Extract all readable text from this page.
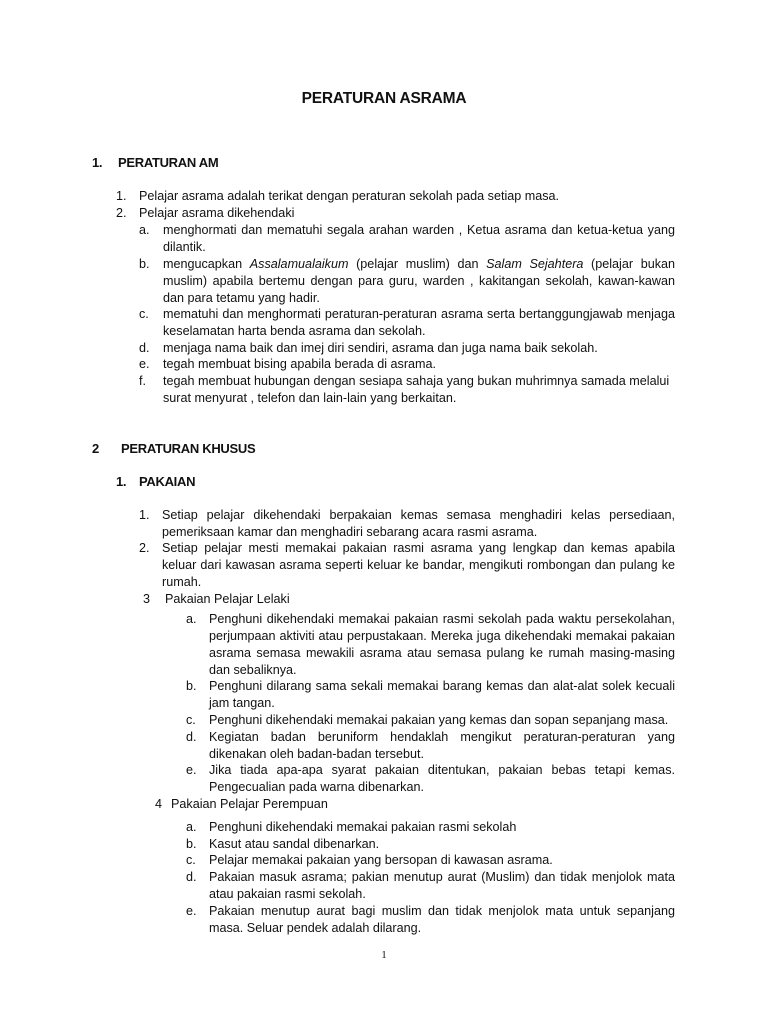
PERATURAN ASRAMA
1. PERATURAN AM
1. Pelajar asrama adalah terikat dengan peraturan sekolah pada setiap masa.
2. Pelajar asrama dikehendaki
a. menghormati dan mematuhi segala arahan warden , Ketua asrama dan ketua-ketua yang dilantik.
b. mengucapkan Assalamualaikum (pelajar muslim) dan Salam Sejahtera (pelajar bukan muslim) apabila bertemu dengan para guru, warden , kakitangan sekolah, kawan-kawan dan para tetamu yang hadir.
c. mematuhi dan menghormati peraturan-peraturan asrama serta bertanggungjawab menjaga keselamatan harta benda asrama dan sekolah.
d. menjaga nama baik dan imej diri sendiri, asrama dan juga nama baik sekolah.
e. tegah membuat bising apabila berada di asrama.
f. tegah membuat hubungan dengan sesiapa sahaja yang bukan muhrimnya samada melalui surat menyurat , telefon dan lain-lain yang berkaitan.
2 PERATURAN KHUSUS
1. PAKAIAN
1. Setiap pelajar dikehendaki berpakaian kemas semasa menghadiri kelas persediaan, pemeriksaan kamar dan menghadiri sebarang acara rasmi asrama.
2. Setiap pelajar mesti memakai pakaian rasmi asrama yang lengkap dan kemas apabila keluar dari kawasan asrama seperti keluar ke bandar, mengikuti rombongan dan pulang ke rumah.
3 Pakaian Pelajar Lelaki
a. Penghuni dikehendaki memakai pakaian rasmi sekolah pada waktu persekolahan, perjumpaan aktiviti atau perpustakaan. Mereka juga dikehendaki memakai pakaian asrama semasa mewakili asrama atau semasa pulang ke rumah masing-masing dan sebaliknya.
b. Penghuni dilarang sama sekali memakai barang kemas dan alat-alat solek kecuali jam tangan.
c. Penghuni dikehendaki memakai pakaian yang kemas dan sopan sepanjang masa.
d. Kegiatan badan beruniform hendaklah mengikut peraturan-peraturan yang dikenakan oleh badan-badan tersebut.
e. Jika tiada apa-apa syarat pakaian ditentukan, pakaian bebas tetapi kemas. Pengecualian pada warna dibenarkan.
4 Pakaian Pelajar Perempuan
a. Penghuni dikehendaki memakai pakaian rasmi sekolah
b. Kasut atau sandal dibenarkan.
c. Pelajar memakai pakaian yang bersopan di kawasan asrama.
d. Pakaian masuk asrama; pakian menutup aurat (Muslim) dan tidak menjolok mata atau pakaian rasmi sekolah.
e. Pakaian menutup aurat bagi muslim dan tidak menjolok mata untuk sepanjang masa. Seluar pendek adalah dilarang.
1
